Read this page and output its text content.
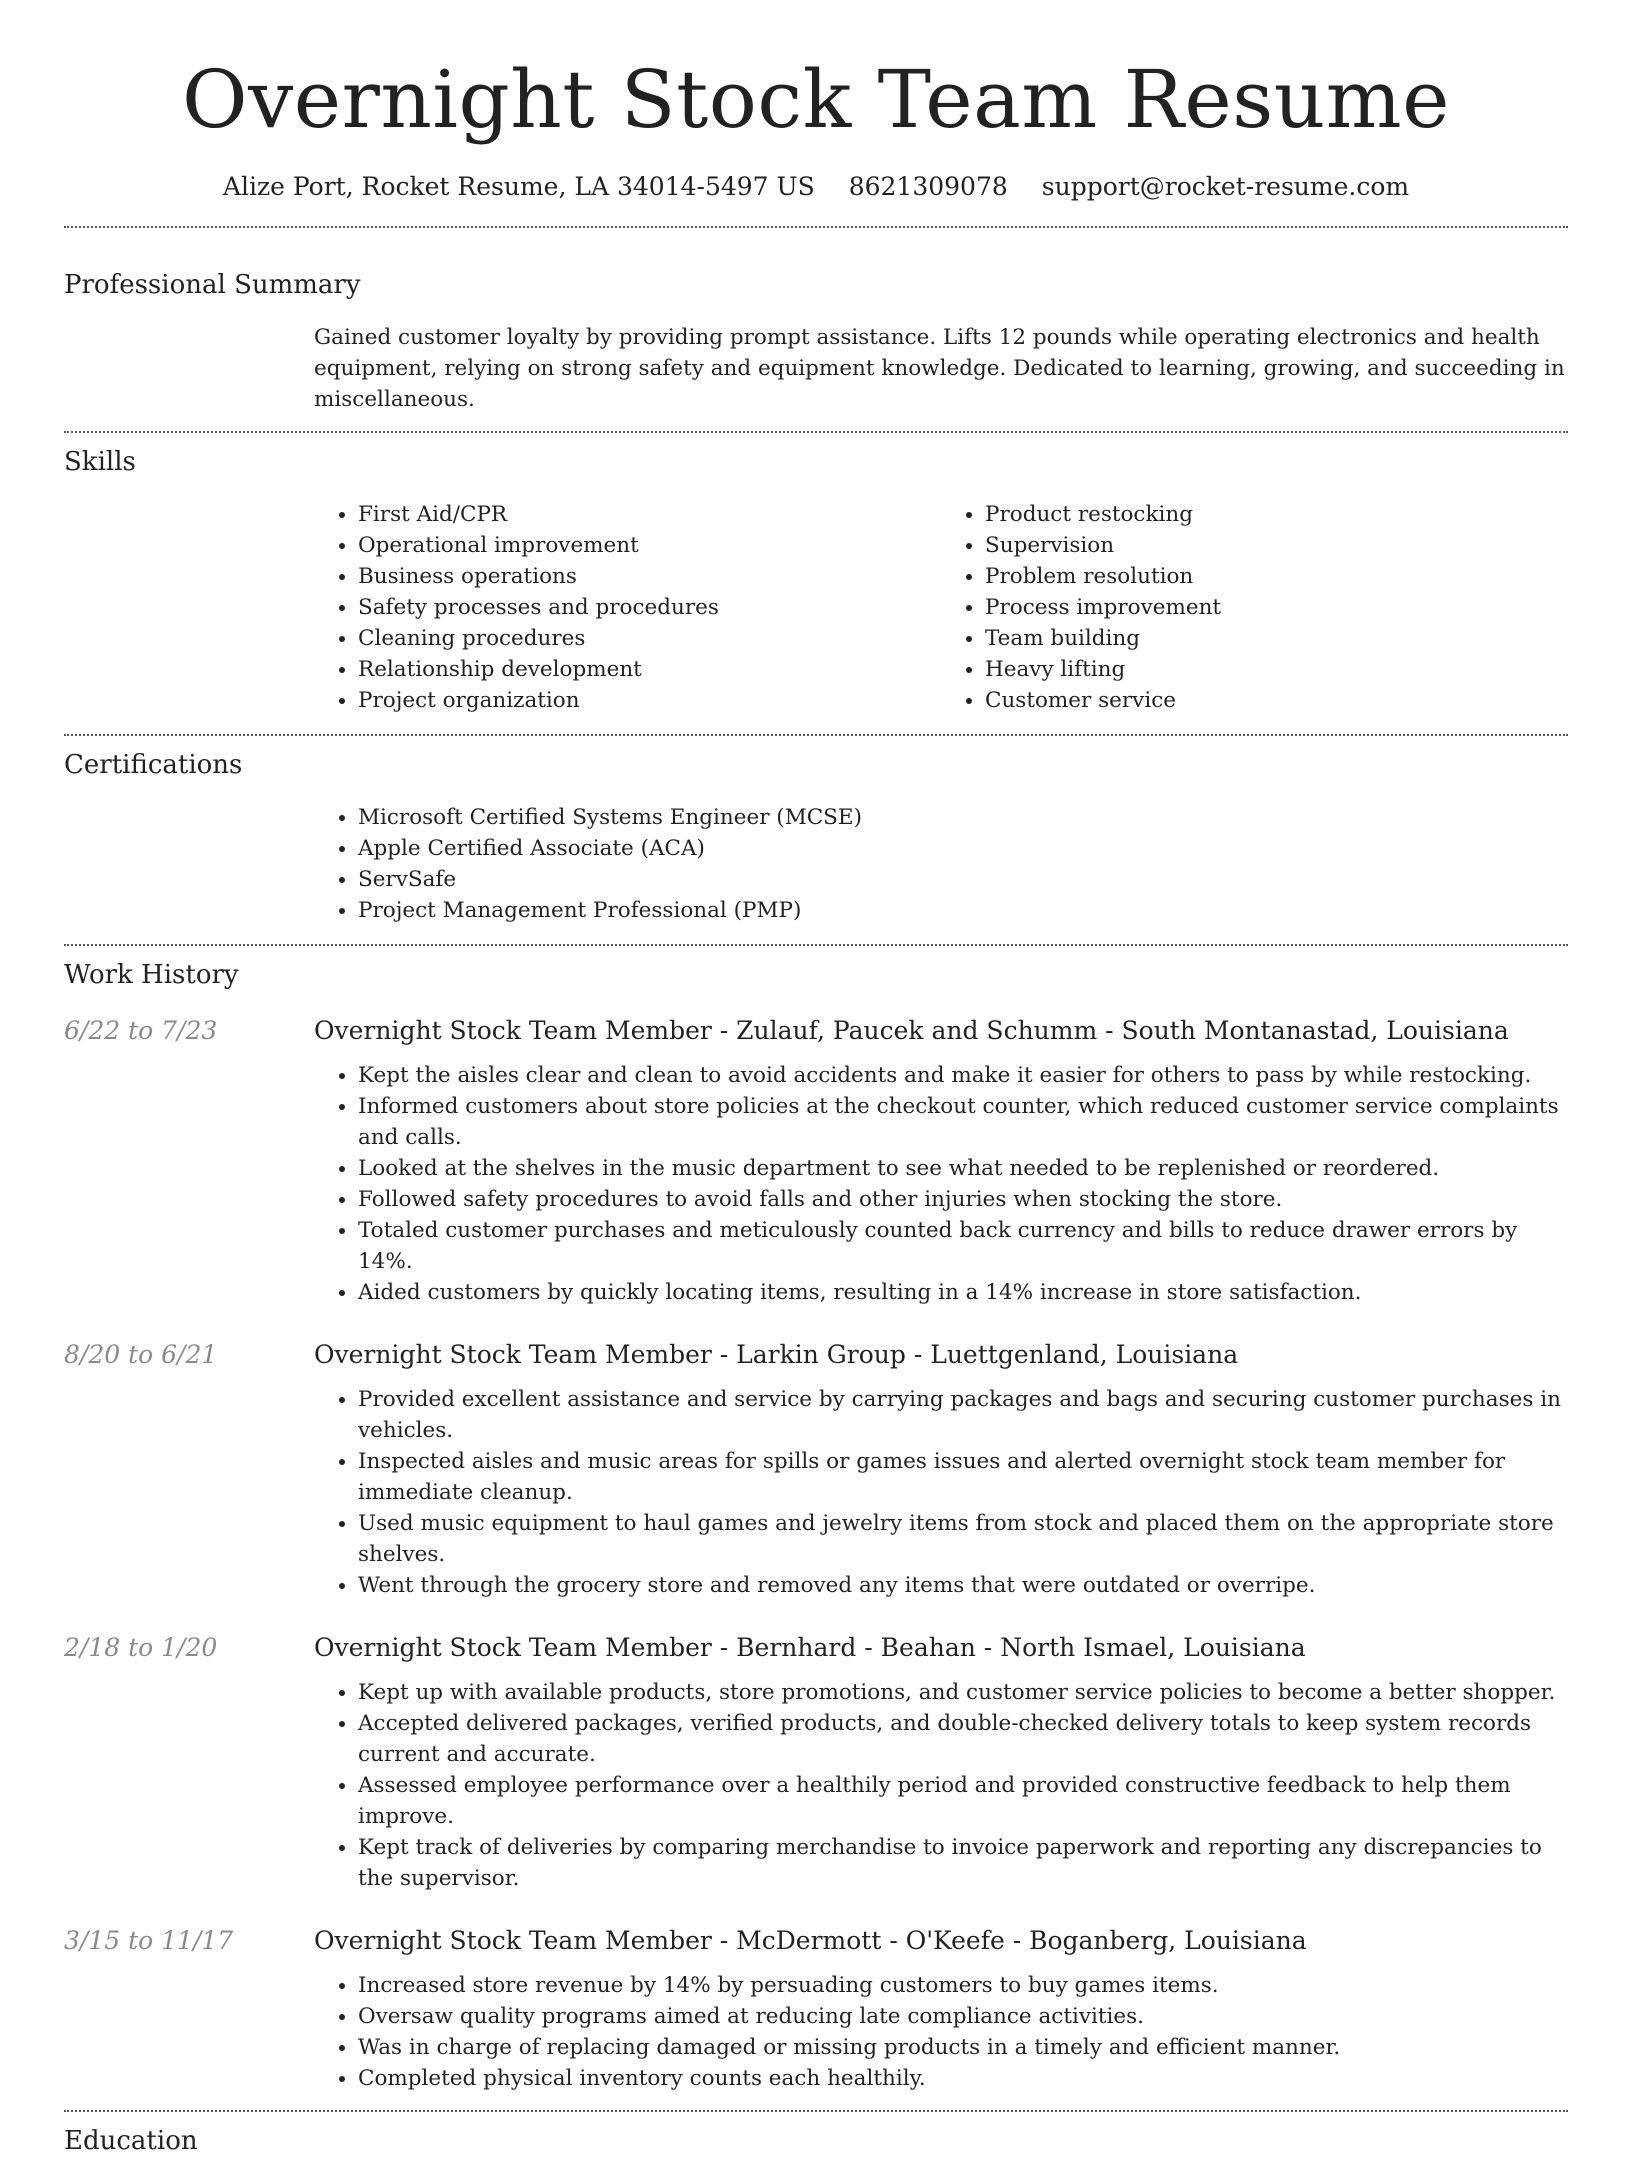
Overnight Stock Team Resume
Alize Port, Rocket Resume, LA 34014-5497 US 8621309078 support@rocket-resume.com
Professional Summary

Gained customer loyalty by providing prompt assistance. Lifts 12 pounds while operating electronics and health equipment, relying on strong safety and equipment knowledge. Dedicated to learning, growing, and succeeding in miscellaneous.

Skills
• First Aid/CPR
• Operational improvement
• Business operations
• Safety processes and procedures
• Cleaning procedures
• Relationship development
• Project organization
• Product restocking
• Supervision
• Problem resolution
• Process improvement
• Team building
• Heavy lifting
• Customer service
Certifications
• Microsoft Certified Systems Engineer (MCSE)
• Apple Certified Associate (ACA)
• ServSafe
• Project Management Professional (PMP)
Work History
6/22 to 7/23	Overnight Stock Team Member - Zulauf, Paucek and Schumm - South Montanastad, Louisiana
• Kept the aisles clear and clean to avoid accidents and make it easier for others to pass by while restocking.
• Informed customers about store policies at the checkout counter, which reduced customer service complaints and calls.
• Looked at the shelves in the music department to see what needed to be replenished or reordered.
• Followed safety procedures to avoid falls and other injuries when stocking the store.
• Totaled customer purchases and meticulously counted back currency and bills to reduce drawer errors by 14%.
• Aided customers by quickly locating items, resulting in a 14% increase in store satisfaction.
8/20 to 6/21	Overnight Stock Team Member - Larkin Group - Luettgenland, Louisiana
• Provided excellent assistance and service by carrying packages and bags and securing customer purchases in vehicles.
• Inspected aisles and music areas for spills or games issues and alerted overnight stock team member for immediate cleanup.
• Used music equipment to haul games and jewelry items from stock and placed them on the appropriate store shelves.
• Went through the grocery store and removed any items that were outdated or overripe.
2/18 to 1/20	Overnight Stock Team Member - Bernhard - Beahan - North Ismael, Louisiana
• Kept up with available products, store promotions, and customer service policies to become a better shopper.
• Accepted delivered packages, verified products, and double-checked delivery totals to keep system records current and accurate.
• Assessed employee performance over a healthily period and provided constructive feedback to help them improve.
• Kept track of deliveries by comparing merchandise to invoice paperwork and reporting any discrepancies to the supervisor.
3/15 to 11/17	Overnight Stock Team Member - McDermott - O'Keefe - Boganberg, Louisiana
• Increased store revenue by 14% by persuading customers to buy games items.
• Oversaw quality programs aimed at reducing late compliance activities.
• Was in charge of replacing damaged or missing products in a timely and efficient manner.
• Completed physical inventory counts each healthily.
Education
